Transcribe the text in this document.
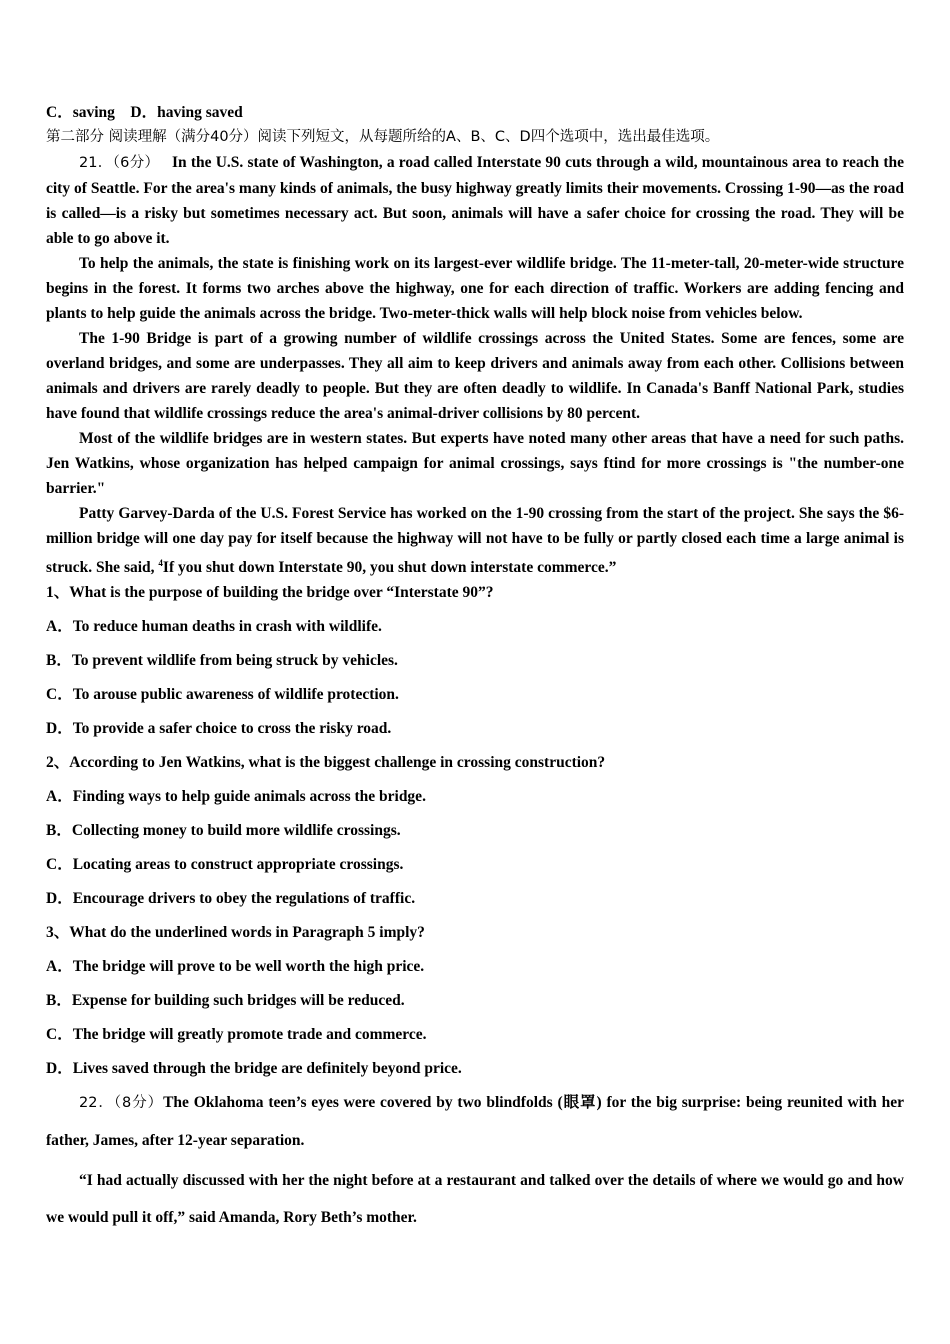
C．saving　D．having saved

第二部分 阅读理解（满分40分）阅读下列短文，从每题所给的A、B、C、D四个选项中，选出最佳选项。

21．（6分） In the U.S. state of Washington, a road called Interstate 90 cuts through a wild, mountainous area to reach the city of Seattle. For the area's many kinds of animals, the busy highway greatly limits their movements. Crossing 1-90—as the road is called—is a risky but sometimes necessary act. But soon, animals will have a safer choice for crossing the road. They will be able to go above it.

To help the animals, the state is finishing work on its largest-ever wildlife bridge. The 11-meter-tall, 20-meter-wide structure begins in the forest. It forms two arches above the highway, one for each direction of traffic. Workers are adding fencing and plants to help guide the animals across the bridge. Two-meter-thick walls will help block noise from vehicles below.

The 1-90 Bridge is part of a growing number of wildlife crossings across the United States. Some are fences, some are overland bridges, and some are underpasses. They all aim to keep drivers and animals away from each other. Collisions between animals and drivers are rarely deadly to people. But they are often deadly to wildlife. In Canada's Banff National Park, studies have found that wildlife crossings reduce the area's animal-driver collisions by 80 percent.

Most of the wildlife bridges are in western states. But experts have noted many other areas that have a need for such paths. Jen Watkins, whose organization has helped campaign for animal crossings, says ftind for more crossings is "the number-one barrier."

Patty Garvey-Darda of the U.S. Forest Service has worked on the 1-90 crossing from the start of the project. She says the $6- million bridge will one day pay for itself because the highway will not have to be fully or partly closed each time a large animal is struck. She said, $^4$If you shut down Interstate 90, you shut down interstate commerce.”

1、What is the purpose of building the bridge over “Interstate 90”?

A．To reduce human deaths in crash with wildlife.

B．To prevent wildlife from being struck by vehicles.

C．To arouse public awareness of wildlife protection.

D．To provide a safer choice to cross the risky road.

2、According to Jen Watkins, what is the biggest challenge in crossing construction?

A．Finding ways to help guide animals across the bridge.

B．Collecting money to build more wildlife crossings.

C．Locating areas to construct appropriate crossings.

D．Encourage drivers to obey the regulations of traffic.

3、What do the underlined words in Paragraph 5 imply?

A．The bridge will prove to be well worth the high price.

B．Expense for building such bridges will be reduced.

C．The bridge will greatly promote trade and commerce.

D．Lives saved through the bridge are definitely beyond price.

22．（8分）The Oklahoma teen’s eyes were covered by two blindfolds (眼罩) for the big surprise: being reunited with her father, James, after 12-year separation.

“I had actually discussed with her the night before at a restaurant and talked over the details of where we would go and how we would pull it off,” said Amanda, Rory Beth’s mother.
